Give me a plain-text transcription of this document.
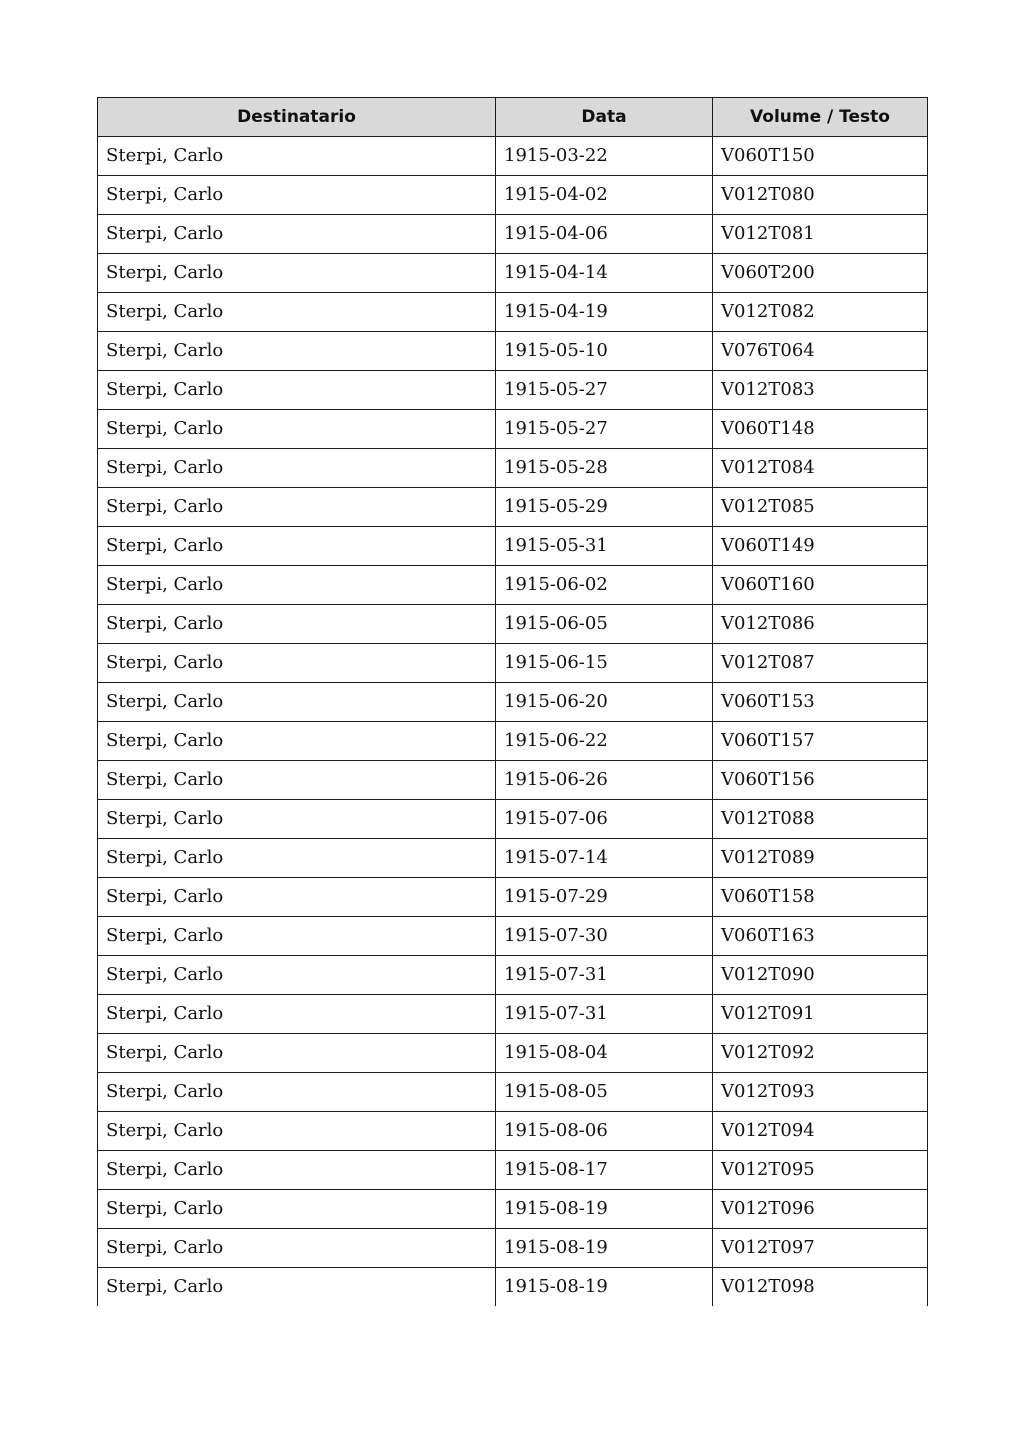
Destinatario	Data	Volume / Testo
Sterpi, Carlo	1915-03-22	V060T150
Sterpi, Carlo	1915-04-02	V012T080
Sterpi, Carlo	1915-04-06	V012T081
Sterpi, Carlo	1915-04-14	V060T200
Sterpi, Carlo	1915-04-19	V012T082
Sterpi, Carlo	1915-05-10	V076T064
Sterpi, Carlo	1915-05-27	V012T083
Sterpi, Carlo	1915-05-27	V060T148
Sterpi, Carlo	1915-05-28	V012T084
Sterpi, Carlo	1915-05-29	V012T085
Sterpi, Carlo	1915-05-31	V060T149
Sterpi, Carlo	1915-06-02	V060T160
Sterpi, Carlo	1915-06-05	V012T086
Sterpi, Carlo	1915-06-15	V012T087
Sterpi, Carlo	1915-06-20	V060T153
Sterpi, Carlo	1915-06-22	V060T157
Sterpi, Carlo	1915-06-26	V060T156
Sterpi, Carlo	1915-07-06	V012T088
Sterpi, Carlo	1915-07-14	V012T089
Sterpi, Carlo	1915-07-29	V060T158
Sterpi, Carlo	1915-07-30	V060T163
Sterpi, Carlo	1915-07-31	V012T090
Sterpi, Carlo	1915-07-31	V012T091
Sterpi, Carlo	1915-08-04	V012T092
Sterpi, Carlo	1915-08-05	V012T093
Sterpi, Carlo	1915-08-06	V012T094
Sterpi, Carlo	1915-08-17	V012T095
Sterpi, Carlo	1915-08-19	V012T096
Sterpi, Carlo	1915-08-19	V012T097
Sterpi, Carlo	1915-08-19	V012T098
